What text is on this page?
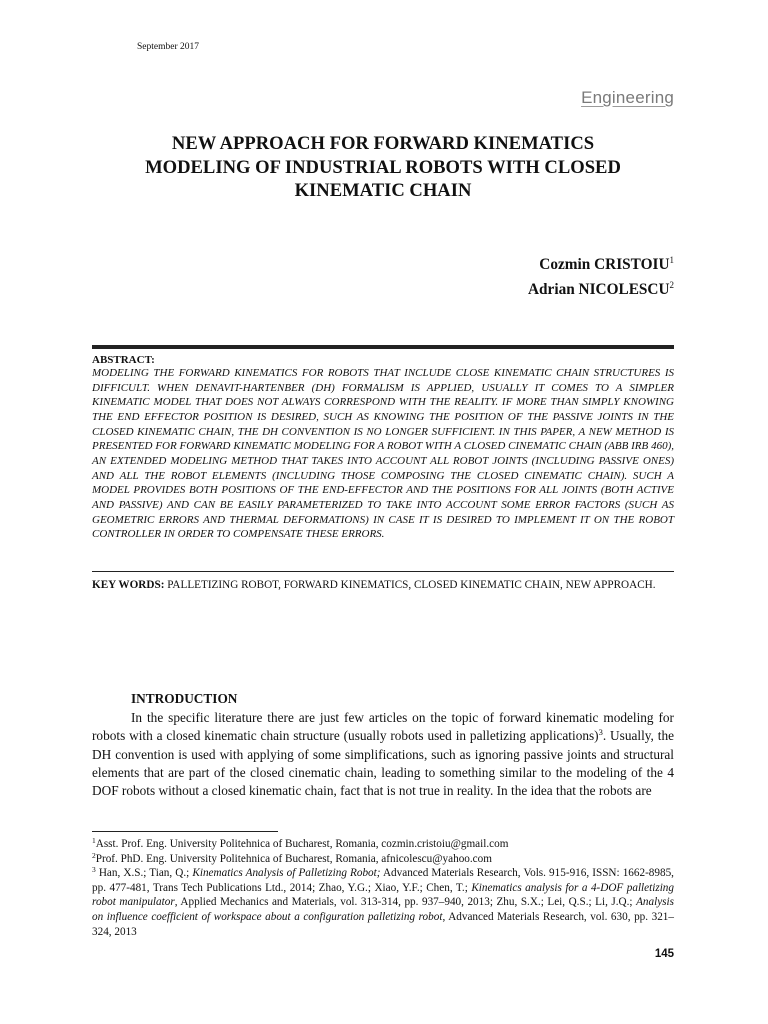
September 2017
Engineering
NEW APPROACH FOR FORWARD KINEMATICS
MODELING OF INDUSTRIAL ROBOTS WITH CLOSED
KINEMATIC CHAIN
Cozmin CRISTOIU$^1$
Adrian NICOLESCU$^2$
ABSTRACT:
MODELING THE FORWARD KINEMATICS FOR ROBOTS THAT INCLUDE CLOSE KINEMATIC CHAIN STRUCTURES IS DIFFICULT. WHEN DENAVIT-HARTENBER (DH) FORMALISM IS APPLIED, USUALLY IT COMES TO A SIMPLER KINEMATIC MODEL THAT DOES NOT ALWAYS CORRESPOND WITH THE REALITY. IF MORE THAN SIMPLY KNOWING THE END EFFECTOR POSITION IS DESIRED, SUCH AS KNOWING THE POSITION OF THE PASSIVE JOINTS IN THE CLOSED KINEMATIC CHAIN, THE DH CONVENTION IS NO LONGER SUFFICIENT. IN THIS PAPER, A NEW METHOD IS PRESENTED FOR FORWARD KINEMATIC MODELING FOR A ROBOT WITH A CLOSED CINEMATIC CHAIN (ABB IRB 460), AN EXTENDED MODELING METHOD THAT TAKES INTO ACCOUNT ALL ROBOT JOINTS (INCLUDING PASSIVE ONES) AND ALL THE ROBOT ELEMENTS (INCLUDING THOSE COMPOSING THE CLOSED CINEMATIC CHAIN). SUCH A MODEL PROVIDES BOTH POSITIONS OF THE END-EFFECTOR AND THE POSITIONS FOR ALL JOINTS (BOTH ACTIVE AND PASSIVE) AND CAN BE EASILY PARAMETERIZED TO TAKE INTO ACCOUNT SOME ERROR FACTORS (SUCH AS GEOMETRIC ERRORS AND THERMAL DEFORMATIONS) IN CASE IT IS DESIRED TO IMPLEMENT IT ON THE ROBOT CONTROLLER IN ORDER TO COMPENSATE THESE ERRORS.
KEY WORDS: PALLETIZING ROBOT, FORWARD KINEMATICS, CLOSED KINEMATIC CHAIN, NEW APPROACH.
INTRODUCTION
In the specific literature there are just few articles on the topic of forward kinematic modeling for robots with a closed kinematic chain structure (usually robots used in palletizing applications)$^3$. Usually, the DH convention is used with applying of some simplifications, such as ignoring passive joints and structural elements that are part of the closed cinematic chain, leading to something similar to the modeling of the 4 DOF robots without a closed kinematic chain, fact that is not true in reality. In the idea that the robots are

$^1$Asst. Prof. Eng. University Politehnica of Bucharest, Romania, cozmin.cristoiu@gmail.com

$^2$Prof. PhD. Eng. University Politehnica of Bucharest, Romania, afnicolescu@yahoo.com

$^3$ Han, X.S.; Tian, Q.; Kinematics Analysis of Palletizing Robot; Advanced Materials Research, Vols. 915-916, ISSN: 1662-8985, pp. 477-481, Trans Tech Publications Ltd., 2014; Zhao, Y.G.; Xiao, Y.F.; Chen, T.; Kinematics analysis for a 4-DOF palletizing robot manipulator, Applied Mechanics and Materials, vol. 313-314, pp. 937–940, 2013; Zhu, S.X.; Lei, Q.S.; Li, J.Q.; Analysis on influence coefficient of workspace about a configuration palletizing robot, Advanced Materials Research, vol. 630, pp. 321–324, 2013

145
